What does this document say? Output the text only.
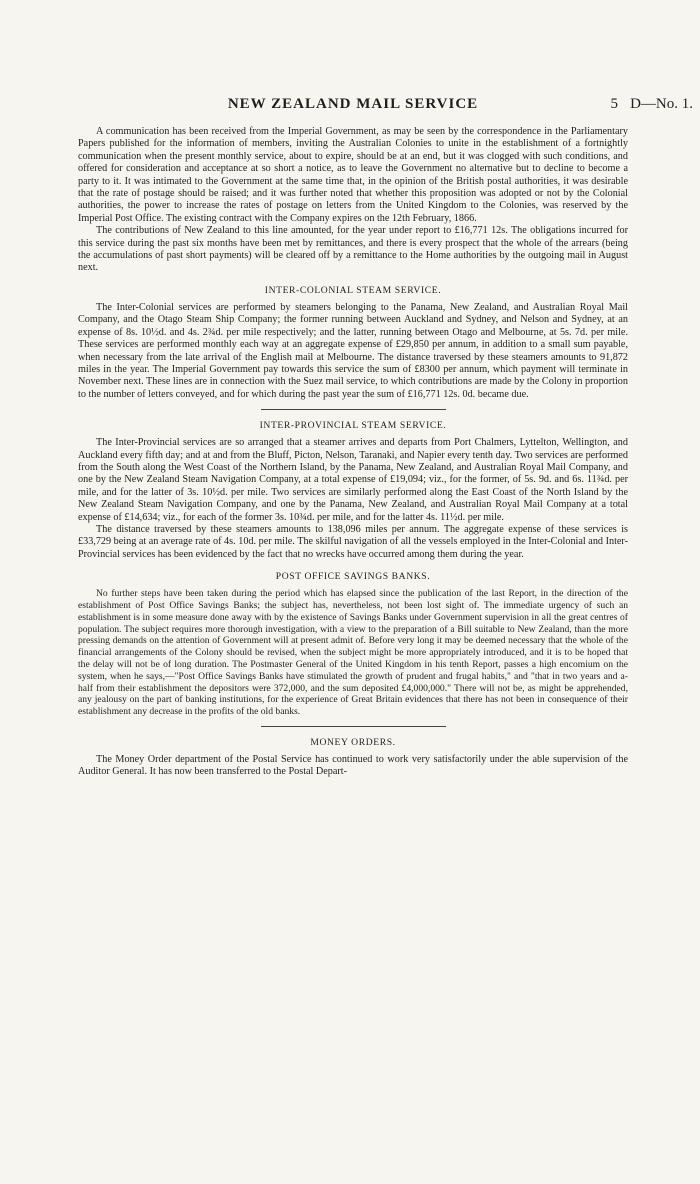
NEW ZEALAND MAIL SERVICE	5 D—No. 1.

A communication has been received from the Imperial Government, as may be seen by the correspondence in the Parliamentary Papers published for the information of members, inviting the Australian Colonies to unite in the establishment of a fortnightly communication when the present monthly service, about to expire, should be at an end, but it was clogged with such conditions, and offered for consideration and acceptance at so short a notice, as to leave the Government no alternative but to decline to become a party to it. It was intimated to the Government at the same time that, in the opinion of the British postal authorities, it was desirable that the rate of postage should be raised; and it was further noted that whether this proposition was adopted or not by the Colonial authorities, the power to increase the rates of postage on letters from the United Kingdom to the Colonies, was reserved by the Imperial Post Office. The existing contract with the Company expires on the 12th February, 1866.

The contributions of New Zealand to this line amounted, for the year under report to £16,771 12s. The obligations incurred for this service during the past six months have been met by remittances, and there is every prospect that the whole of the arrears (being the accumulations of past short payments) will be cleared off by a remittance to the Home authorities by the outgoing mail in August next.

INTER-COLONIAL STEAM SERVICE.

The Inter-Colonial services are performed by steamers belonging to the Panama, New Zealand, and Australian Royal Mail Company, and the Otago Steam Ship Company; the former running between Auckland and Sydney, and Nelson and Sydney, at an expense of 8s. 10½d. and 4s. 2¾d. per mile respectively; and the latter, running between Otago and Melbourne, at 5s. 7d. per mile. These services are performed monthly each way at an aggregate expense of £29,850 per annum, in addition to a small sum payable, when necessary from the late arrival of the English mail at Melbourne. The distance traversed by these steamers amounts to 91,872 miles in the year. The Imperial Government pay towards this service the sum of £8300 per annum, which payment will terminate in November next. These lines are in connection with the Suez mail service, to which contributions are made by the Colony in proportion to the number of letters conveyed, and for which during the past year the sum of £16,771 12s. 0d. became due.

INTER-PROVINCIAL STEAM SERVICE.

The Inter-Provincial services are so arranged that a steamer arrives and departs from Port Chalmers, Lyttelton, Wellington, and Auckland every fifth day; and at and from the Bluff, Picton, Nelson, Taranaki, and Napier every tenth day. Two services are performed from the South along the West Coast of the Northern Island, by the Panama, New Zealand, and Australian Royal Mail Company, and one by the New Zealand Steam Navigation Company, at a total expense of £19,094; viz., for the former, of 5s. 9d. and 6s. 11¾d. per mile, and for the latter of 3s. 10½d. per mile. Two services are similarly performed along the East Coast of the North Island by the New Zealand Steam Navigation Company, and one by the Panama, New Zealand, and Australian Royal Mail Company at a total expense of £14,634; viz., for each of the former 3s. 10¾d. per mile, and for the latter 4s. 11½d. per mile.

The distance traversed by these steamers amounts to 138,096 miles per annum. The aggregate expense of these services is £33,729 being at an average rate of 4s. 10d. per mile. The skilful navigation of all the vessels employed in the Inter-Colonial and Inter-Provincial services has been evidenced by the fact that no wrecks have occurred among them during the year.

POST OFFICE SAVINGS BANKS.

No further steps have been taken during the period which has elapsed since the publication of the last Report, in the direction of the establishment of Post Office Savings Banks; the subject has, nevertheless, not been lost sight of. The immediate urgency of such an establishment is in some measure done away with by the existence of Savings Banks under Government supervision in all the great centres of population. The subject requires more thorough investigation, with a view to the preparation of a Bill suitable to New Zealand, than the more pressing demands on the attention of Government will at present admit of. Before very long it may be deemed necessary that the whole of the financial arrangements of the Colony should be revised, when the subject might be more appropriately introduced, and it is to be hoped that the delay will not be of long duration. The Postmaster General of the United Kingdom in his tenth Report, passes a high encomium on the system, when he says,—"Post Office Savings Banks have stimulated the growth of prudent and frugal habits," and "that in two years and a-half from their establishment the depositors were 372,000, and the sum deposited £4,000,000." There will not be, as might be apprehended, any jealousy on the part of banking institutions, for the experience of Great Britain evidences that there has not been in consequence of their establishment any decrease in the profits of the old banks.

MONEY ORDERS.

The Money Order department of the Postal Service has continued to work very satisfactorily under the able supervision of the Auditor General. It has now been transferred to the Postal Depart-
